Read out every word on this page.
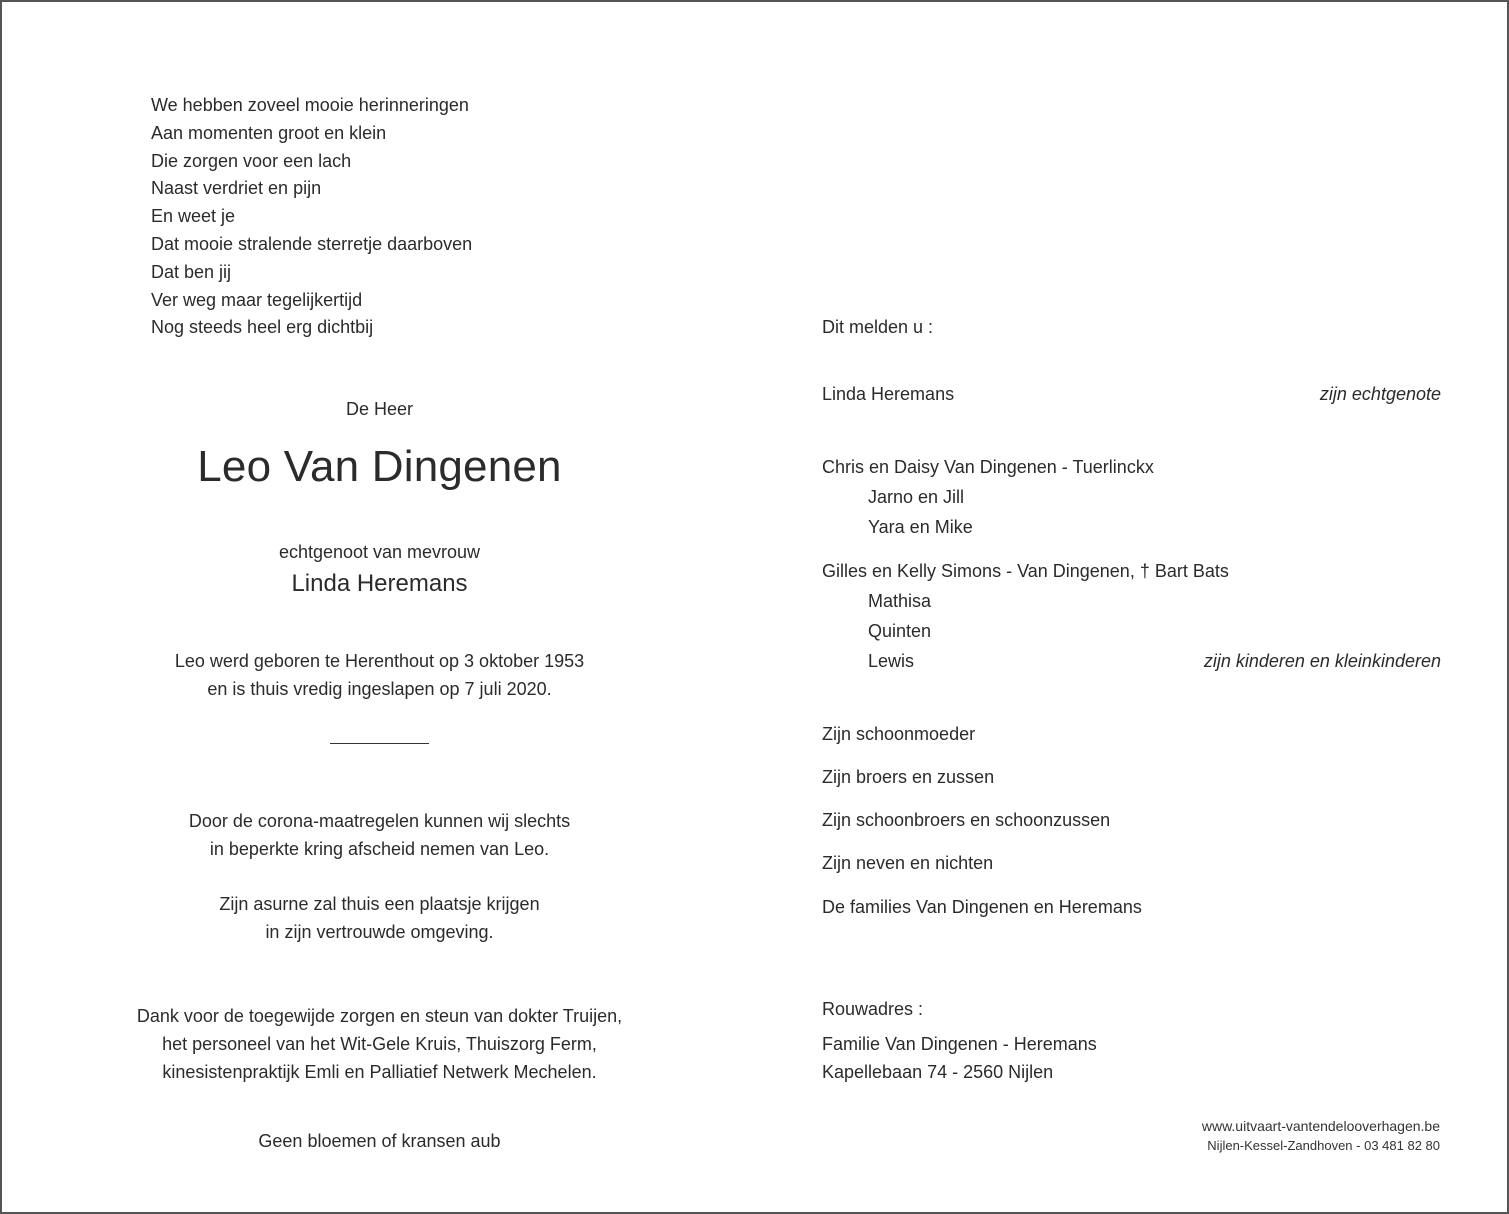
We hebben zoveel mooie herinneringen
Aan momenten groot en klein
Die zorgen voor een lach
Naast verdriet en pijn
En weet je
Dat mooie stralende sterretje daarboven
Dat ben jij
Ver weg maar tegelijkertijd
Nog steeds heel erg dichtbij
De Heer
Leo Van Dingenen
echtgenoot van mevrouw
Linda Heremans
Leo werd geboren te Herenthout op 3 oktober 1953
en is thuis vredig ingeslapen op 7 juli 2020.
Door de corona-maatregelen kunnen wij slechts
in beperkte kring afscheid nemen van Leo.
Zijn asurne zal thuis een plaatsje krijgen
in zijn vertrouwde omgeving.
Dank voor de toegewijde zorgen en steun van dokter Truijen,
het personeel van het Wit-Gele Kruis, Thuiszorg Ferm,
kinesistenpraktijk Emli en Palliatief Netwerk Mechelen.
Geen bloemen of kransen aub
Dit melden u :
Linda Heremans	zijn echtgenote
Chris en Daisy Van Dingenen - Tuerlinckx
Jarno en Jill
Yara en Mike
Gilles en Kelly Simons - Van Dingenen, † Bart Bats
Mathisa
Quinten
Lewis	zijn kinderen en kleinkinderen
Zijn schoonmoeder
Zijn broers en zussen
Zijn schoonbroers en schoonzussen
Zijn neven en nichten
De families Van Dingenen en Heremans
Rouwadres :
Familie Van Dingenen - Heremans
Kapellebaan 74 - 2560 Nijlen
www.uitvaart-vantendelooverhagen.be
Nijlen-Kessel-Zandhoven - 03 481 82 80
